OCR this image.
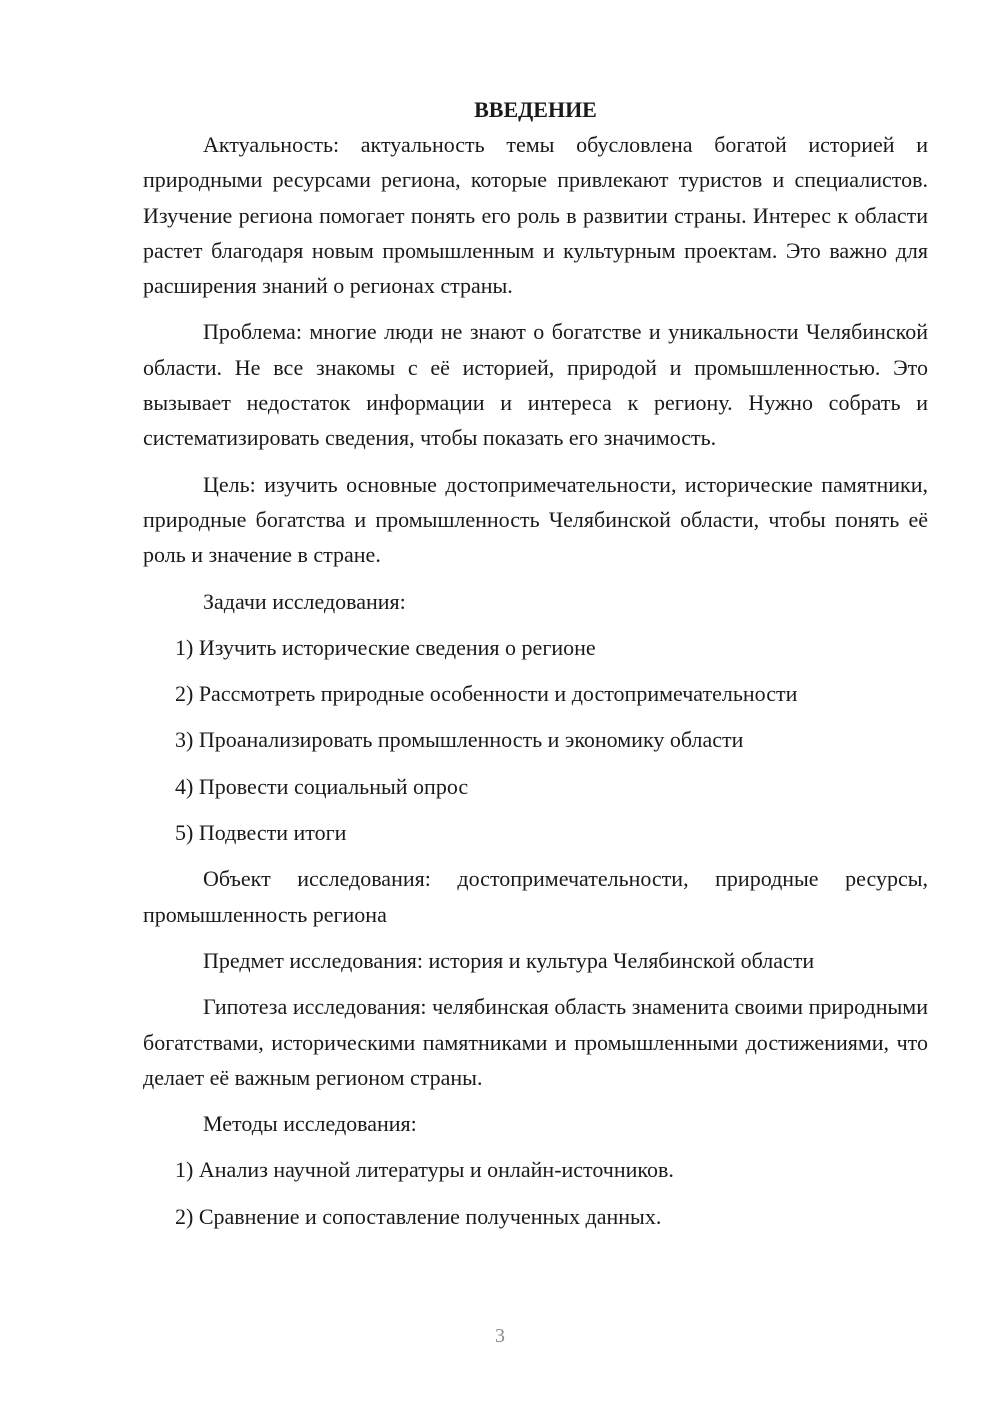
ВВЕДЕНИЕ

Актуальность: актуальность темы обусловлена богатой историей и природными ресурсами региона, которые привлекают туристов и специалистов. Изучение региона помогает понять его роль в развитии страны. Интерес к области растет благодаря новым промышленным и культурным проектам. Это важно для расширения знаний о регионах страны.

Проблема: многие люди не знают о богатстве и уникальности Челябинской области. Не все знакомы с её историей, природой и промышленностью. Это вызывает недостаток информации и интереса к региону. Нужно собрать и систематизировать сведения, чтобы показать его значимость.

Цель: изучить основные достопримечательности, исторические памятники, природные богатства и промышленность Челябинской области, чтобы понять её роль и значение в стране.

Задачи исследования:

1) Изучить исторические сведения о регионе

2) Рассмотреть природные особенности и достопримечательности

3) Проанализировать промышленность и экономику области

4) Провести социальный опрос

5) Подвести итоги

Объект исследования: достопримечательности, природные ресурсы, промышленность региона

Предмет исследования: история и культура Челябинской области

Гипотеза исследования: челябинская область знаменита своими природными богатствами, историческими памятниками и промышленными достижениями, что делает её важным регионом страны.

Методы исследования:

1) Анализ научной литературы и онлайн-источников.

2) Сравнение и сопоставление полученных данных.

3
